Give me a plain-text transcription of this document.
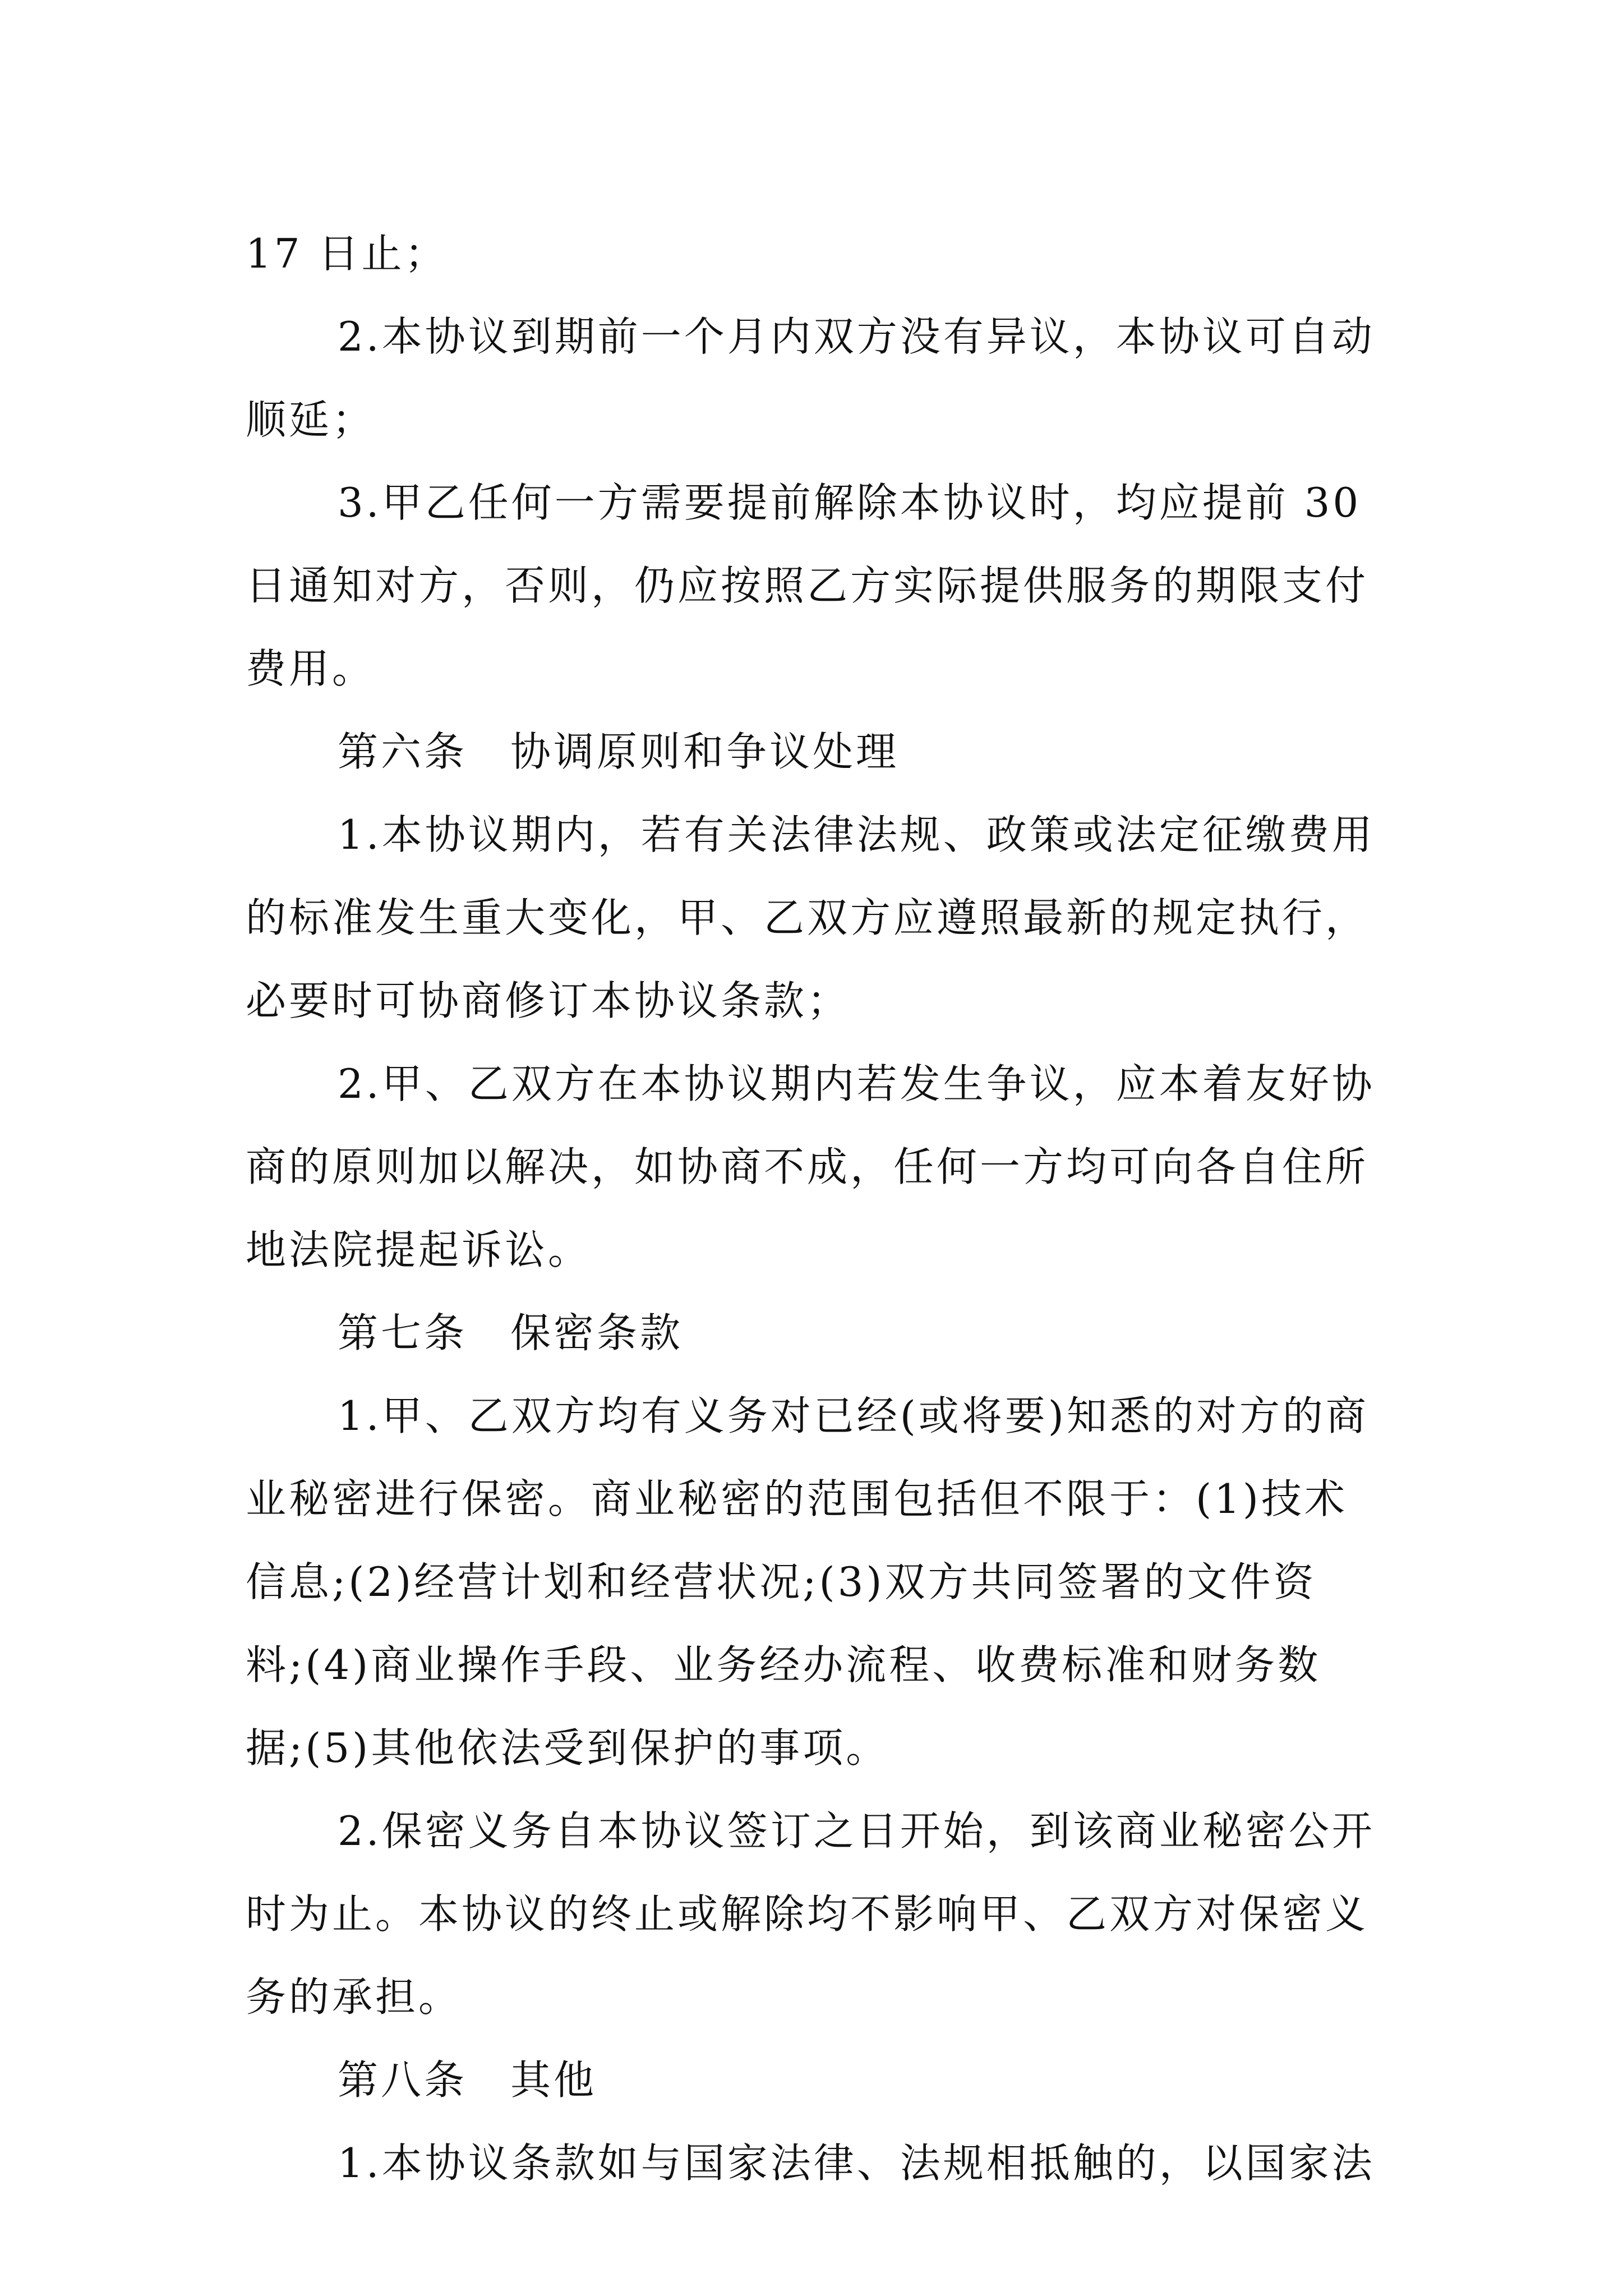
17 日止；
2.本协议到期前一个月内双方没有异议，本协议可自动
顺延；
3.甲乙任何一方需要提前解除本协议时，均应提前 30
日通知对方，否则，仍应按照乙方实际提供服务的期限支付
费用。
第六条　协调原则和争议处理
1.本协议期内，若有关法律法规、政策或法定征缴费用
的标准发生重大变化，甲、乙双方应遵照最新的规定执行，
必要时可协商修订本协议条款；
2.甲、乙双方在本协议期内若发生争议，应本着友好协
商的原则加以解决，如协商不成，任何一方均可向各自住所
地法院提起诉讼。
第七条　保密条款
1.甲、乙双方均有义务对已经(或将要)知悉的对方的商
业秘密进行保密。商业秘密的范围包括但不限于：(1)技术
信息;(2)经营计划和经营状况;(3)双方共同签署的文件资
料;(4)商业操作手段、业务经办流程、收费标准和财务数
据;(5)其他依法受到保护的事项。
2.保密义务自本协议签订之日开始，到该商业秘密公开
时为止。本协议的终止或解除均不影响甲、乙双方对保密义
务的承担。
第八条　其他
1.本协议条款如与国家法律、法规相抵触的，以国家法
